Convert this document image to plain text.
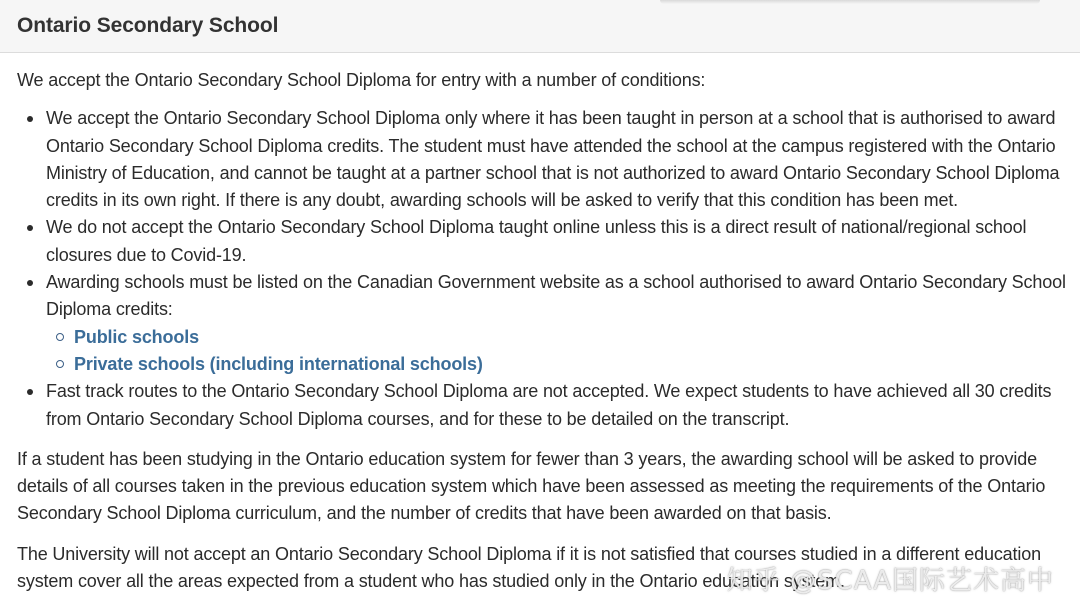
Ontario Secondary School

We accept the Ontario Secondary School Diploma for entry with a number of conditions:

We accept the Ontario Secondary School Diploma only where it has been taught in person at a school that is authorised to award Ontario Secondary School Diploma credits. The student must have attended the school at the campus registered with the Ontario Ministry of Education, and cannot be taught at a partner school that is not authorized to award Ontario Secondary School Diploma credits in its own right. If there is any doubt, awarding schools will be asked to verify that this condition has been met.
We do not accept the Ontario Secondary School Diploma taught online unless this is a direct result of national/regional school closures due to Covid-19.
Awarding schools must be listed on the Canadian Government website as a school authorised to award Ontario Secondary School Diploma credits:
Public schools
Private schools (including international schools)
Fast track routes to the Ontario Secondary School Diploma are not accepted. We expect students to have achieved all 30 credits from Ontario Secondary School Diploma courses, and for these to be detailed on the transcript.

If a student has been studying in the Ontario education system for fewer than 3 years, the awarding school will be asked to provide details of all courses taken in the previous education system which have been assessed as meeting the requirements of the Ontario Secondary School Diploma curriculum, and the number of credits that have been awarded on that basis.

The University will not accept an Ontario Secondary School Diploma if it is not satisfied that courses studied in a different education system cover all the areas expected from a student who has studied only in the Ontario education system.

知乎 @SCAA国际艺术高中
